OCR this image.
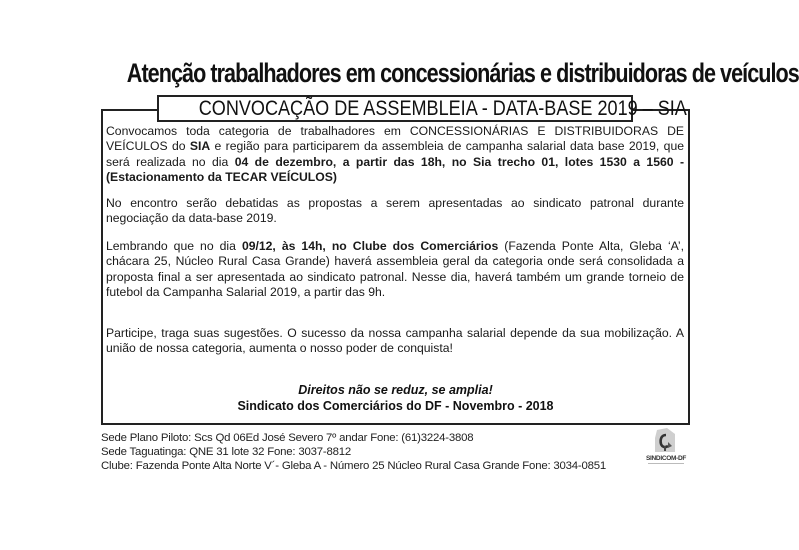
Atenção trabalhadores em concessionárias e distribuidoras de veículos
CONVOCAÇÃO DE ASSEMBLEIA - DATA-BASE 2019 – SIA
Convocamos toda categoria de trabalhadores em CONCESSIONÁRIAS E DISTRIBUIDORAS DE VEÍCULOS do SIA e região para participarem da assembleia de campanha salarial data base 2019, que será realizada no dia 04 de dezembro, a partir das 18h, no Sia trecho 01, lotes 1530 a 1560 - (Estacionamento da TECAR VEÍCULOS)
No encontro serão debatidas as propostas a serem apresentadas ao sindicato patronal durante negociação da data-base 2019.
Lembrando que no dia 09/12, às 14h, no Clube dos Comerciários (Fazenda Ponte Alta, Gleba ‘A’, chácara 25, Núcleo Rural Casa Grande) haverá assembleia geral da categoria onde será consolidada a proposta final a ser apresentada ao sindicato patronal. Nesse dia, haverá também um grande torneio de futebol da Campanha Salarial 2019, a partir das 9h.
Participe, traga suas sugestões. O sucesso da nossa campanha salarial depende da sua mobilização. A união de nossa categoria, aumenta o nosso poder de conquista!
Direitos não se reduz, se amplia!
Sindicato dos Comerciários do DF - Novembro - 2018
Sede Plano Piloto: Scs Qd 06Ed José Severo 7º andar Fone: (61)3224-3808
Sede Taguatinga: QNE 31 lote 32 Fone: 3037-8812
Clube: Fazenda Ponte Alta Norte V´- Gleba A - Número 25 Núcleo Rural Casa Grande Fone: 3034-0851
SINDICOM-DF
